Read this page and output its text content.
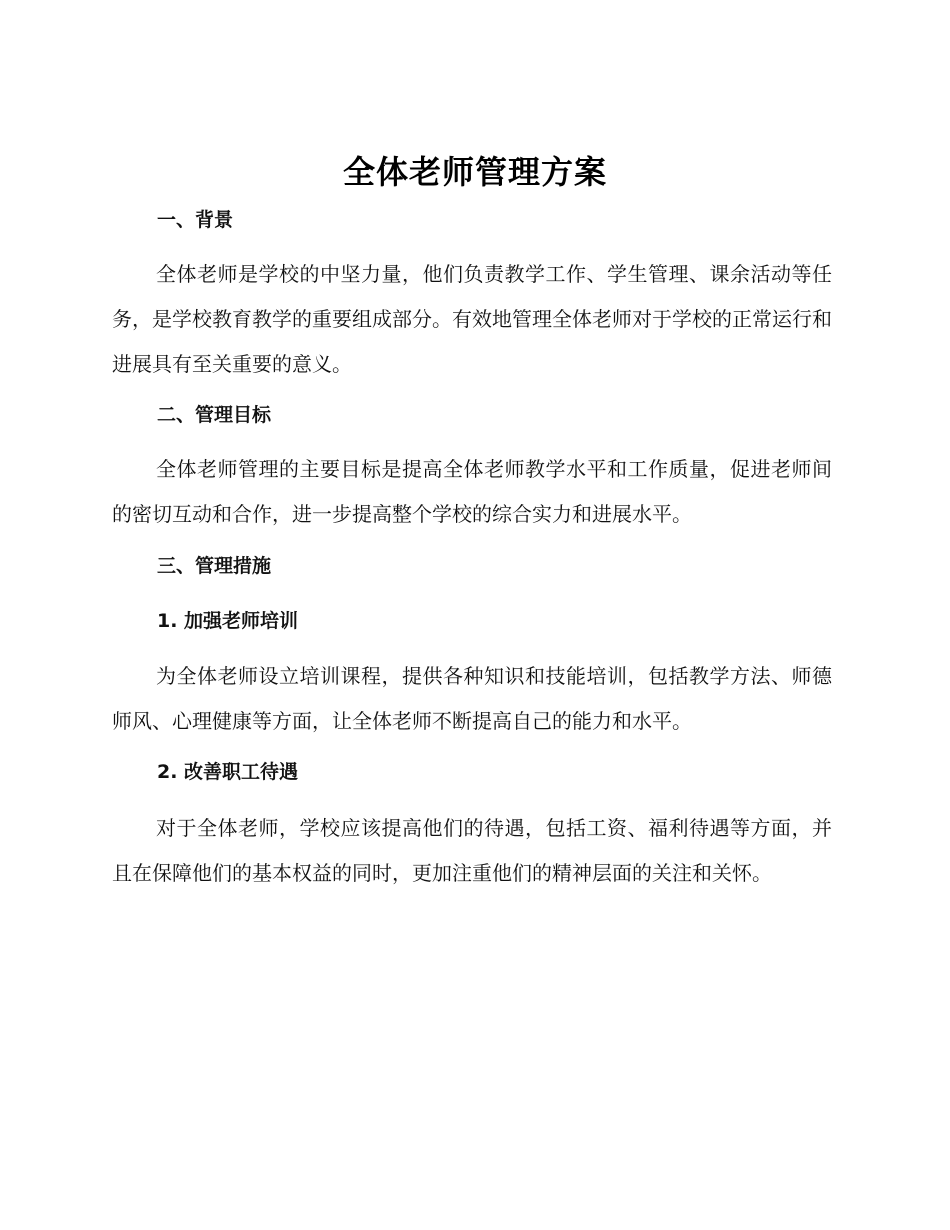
全体老师管理方案
一、背景
全体老师是学校的中坚力量，他们负责教学工作、学生管理、课余活动等任务，是学校教育教学的重要组成部分。有效地管理全体老师对于学校的正常运行和进展具有至关重要的意义。
二、管理目标
全体老师管理的主要目标是提高全体老师教学水平和工作质量，促进老师间的密切互动和合作，进一步提高整个学校的综合实力和进展水平。
三、管理措施
1. 加强老师培训
为全体老师设立培训课程，提供各种知识和技能培训，包括教学方法、师德师风、心理健康等方面，让全体老师不断提高自己的能力和水平。
2. 改善职工待遇
对于全体老师，学校应该提高他们的待遇，包括工资、福利待遇等方面，并且在保障他们的基本权益的同时，更加注重他们的精神层面的关注和关怀。
